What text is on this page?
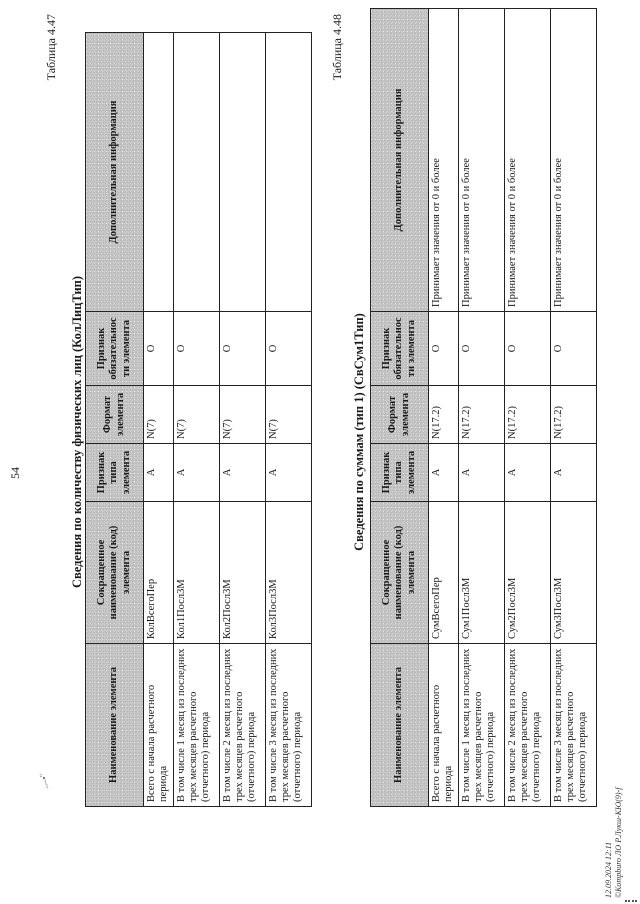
54
~~•''
Таблица 4.47
Сведения по количеству физических лиц (КолЛицТип)
Наименование элемента	Сокращенное наименование (код) элемента	Признак типа элемента	Формат элемента	Признак обязательности элемента	Дополнительная информация
Всего с начала расчетного периода	КолВсегоПер	А	N(7)	О	
В том числе 1 месяц из последних трех месяцев расчетного (отчетного) периода	Кол1Посл3М	А	N(7)	О	
В том числе 2 месяц из последних трех месяцев расчетного (отчетного) периода	Кол2Посл3М	А	N(7)	О	
В том числе 3 месяц из последних трех месяцев расчетного (отчетного) периода	Кол3Посл3М	А	N(7)	О	
Таблица 4.48
Сведения по суммам (тип 1) (СвСум1Тип)
Наименование элемента	Сокращенное наименование (код) элемента	Признак типа элемента	Формат элемента	Признак обязательности элемента	Дополнительная информация
Всего с начала расчетного периода	СумВсегоПер	А	N(17.2)	О	Принимает значения от 0 и более
В том числе 1 месяц из последних трех месяцев расчетного (отчетного) периода	Сум1Посл3М	А	N(17.2)	О	Принимает значения от 0 и более
В том числе 2 месяц из последних трех месяцев расчетного (отчетного) периода	Сум2Посл3М	А	N(17.2)	О	Принимает значения от 0 и более
В том числе 3 месяц из последних трех месяцев расчетного (отчетного) периода	Сум3Посл3М	А	N(17.2)	О	Принимает значения от 0 и более
12.09.2024 12:11 ©Kompburo ЛО Р.Лукш-КЮ(9)-f
